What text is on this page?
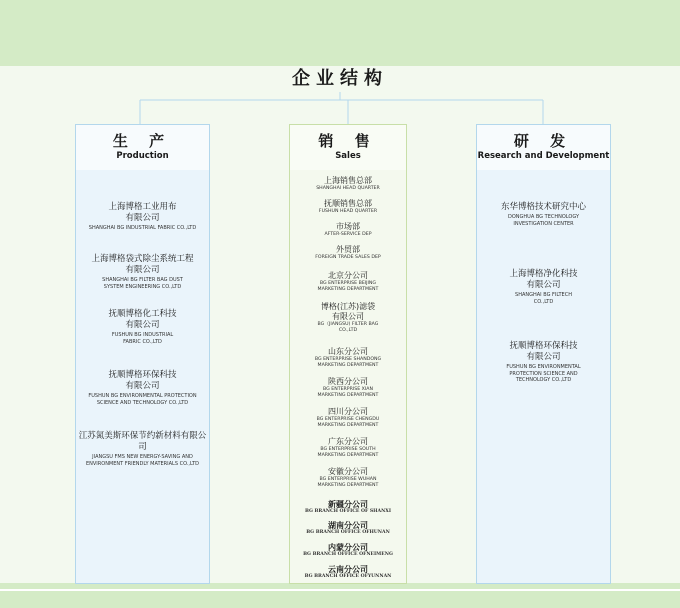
企业结构
生 产
Production
上海博格工业用布
有限公司
SHANGHAI BG INDUSTRIAL FABRIC CO.,LTD
上海博格袋式除尘系统工程
有限公司
SHANGHAI BG FILTER BAG DUST
SYSTEM ENGINEERING CO.,LTD
抚顺博格化工科技
有限公司
FUSHUN BG INDUSTRIAL
FABRIC CO.,LTD
抚顺博格环保科技
有限公司
FUSHUN BG ENVIRONMENTAL PROTECTION
SCIENCE AND TECHNOLOGY CO.,LTD
江苏氮美斯环保节约新材料有限公司
JIANGSU FMS NEW ENERGY-SAVING AND
ENVIRONMENT FRIENDLY MATERIALS CO.,LTD
销 售
Sales
上海销售总部
SHANGHAI HEAD QUARTER
抚顺销售总部
FUSHUN HEAD QUARTER
市场部
AFTER-SERVICE DEP
外贸部
FOREIGN TRADE SALES DEP
北京分公司
BG ENTERPRISE BEIJING
MARKETING DEPARTMENT
博格(江苏)滤袋
有限公司
BG（JIANGSU) FILTER BAG
CO.,LTD
山东分公司
BG ENTERPRISE SHANDONG
MARKETING DEPARTMENT
陕西分公司
BG ENTERPRISE XIAN
MARKETING DEPARTMENT
四川分公司
BG ENTERPRISE CHENGDU
MARKETING DEPARTMENT
广东分公司
BG ENTERPRISE SOUTH
MARKETING DEPARTMENT
安徽分公司
BG ENTERPRISE WUHAN
MARKETING DEPARTMENT
新疆分公司
BG BRANCH OFFICE OF SHANXI
湖南分公司
BG BRANCH OFFICE OFHUNAN
内蒙分公司
BG BRANCH OFFICE OFNEIMENG
云南分公司
BG BRANCH OFFICE OFYUNNAN
研 发
Research and Development
东华博格技术研究中心
DONGHUA BG TECHNOLOGY
INVESTIGATION CENTER
上海博格净化科技
有限公司
SHANGHAI BG FILTECH
CO.,LTD
抚顺博格环保科技
有限公司
FUSHUN BG ENVIRONMENTAL
PROTECTION SCIENCE AND
TECHNOLOGY CO.,LTD
